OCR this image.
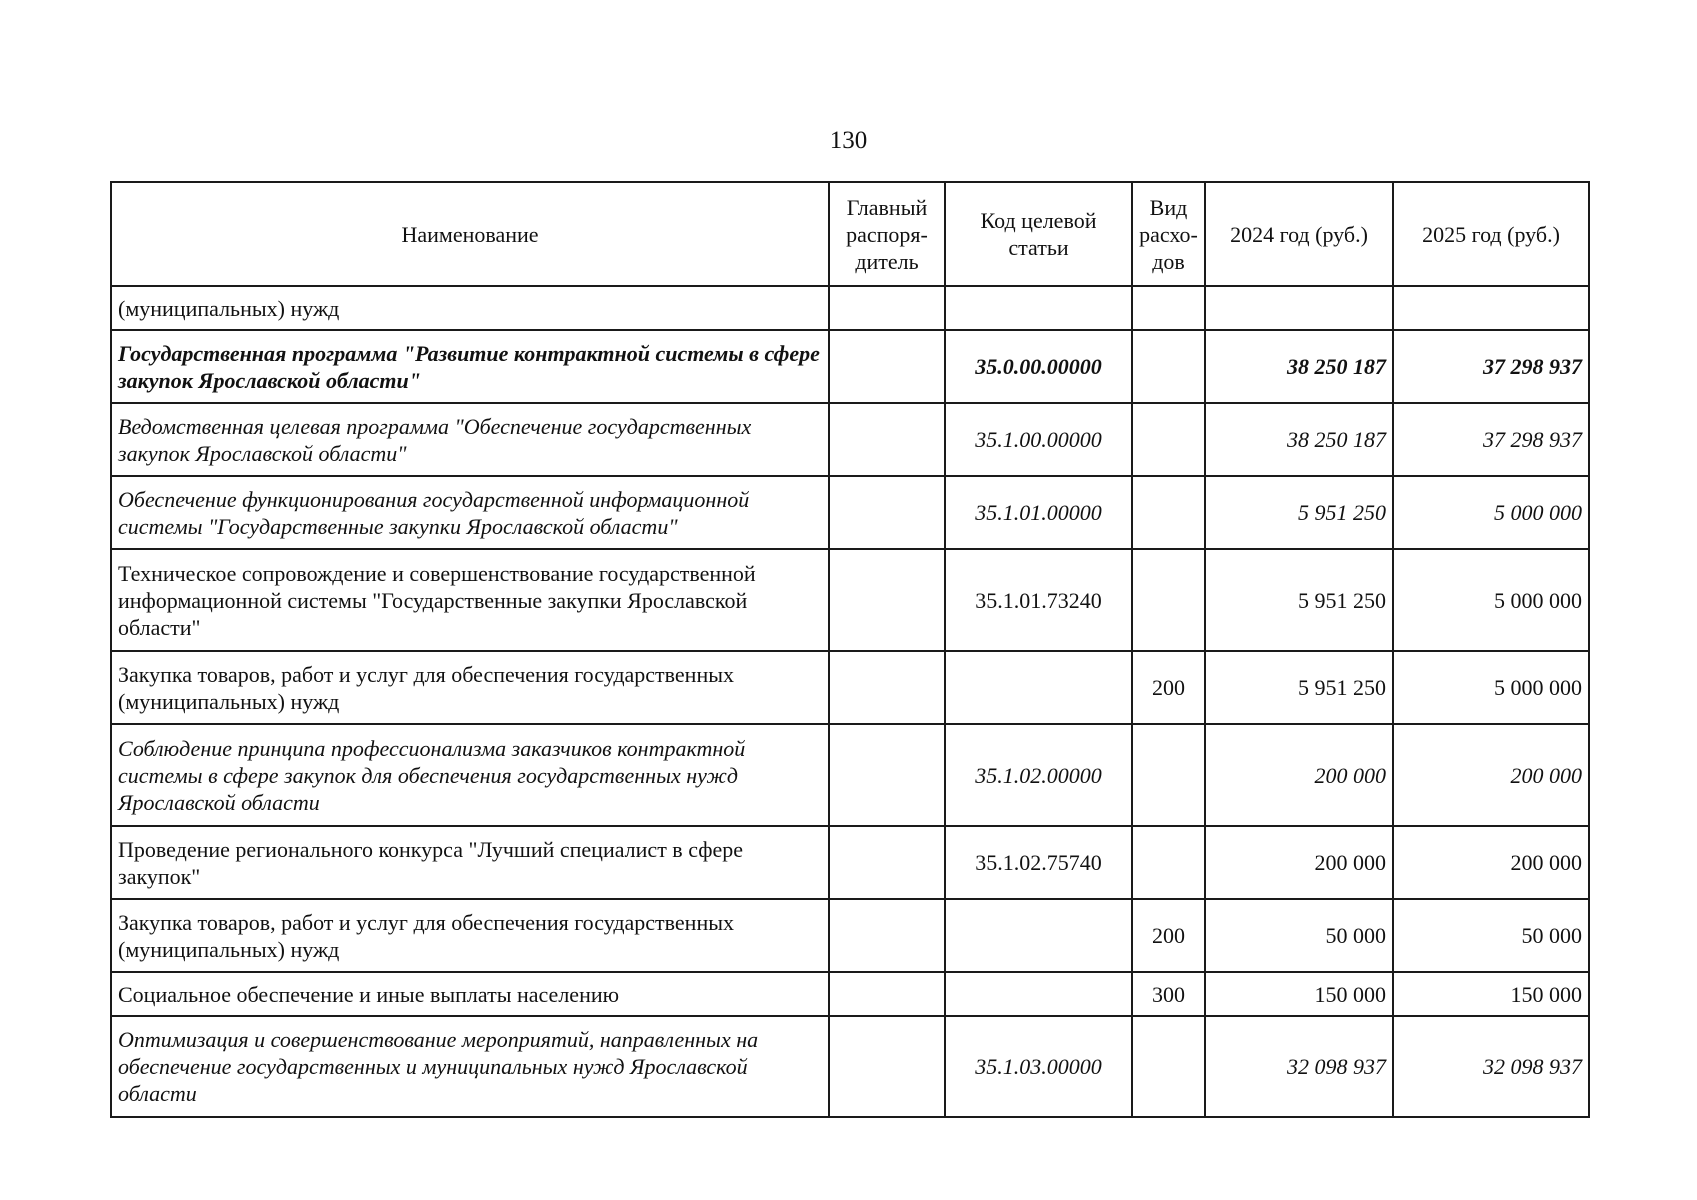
130
Наименование	Главный распоря-дитель	Код целевой статьи	Вид расхо-дов	2024 год (руб.)	2025 год (руб.)
(муниципальных) нужд					
Государственная программа "Развитие контрактной системы в сфере закупок Ярославской области"		35.0.00.00000		38 250 187	37 298 937
Ведомственная целевая программа "Обеспечение государственных закупок Ярославской области"		35.1.00.00000		38 250 187	37 298 937
Обеспечение функционирования государственной информационной системы "Государственные закупки Ярославской области"		35.1.01.00000		5 951 250	5 000 000
Техническое сопровождение и совершенствование государственной информационной системы "Государственные закупки Ярославской области"		35.1.01.73240		5 951 250	5 000 000
Закупка товаров, работ и услуг для обеспечения государственных (муниципальных) нужд			200	5 951 250	5 000 000
Соблюдение принципа профессионализма заказчиков контрактной системы в сфере закупок для обеспечения государственных нужд Ярославской области		35.1.02.00000		200 000	200 000
Проведение регионального конкурса "Лучший специалист в сфере закупок"		35.1.02.75740		200 000	200 000
Закупка товаров, работ и услуг для обеспечения государственных (муниципальных) нужд			200	50 000	50 000
Социальное обеспечение и иные выплаты населению			300	150 000	150 000
Оптимизация и совершенствование мероприятий, направленных на обеспечение государственных и муниципальных нужд Ярославской области		35.1.03.00000		32 098 937	32 098 937
